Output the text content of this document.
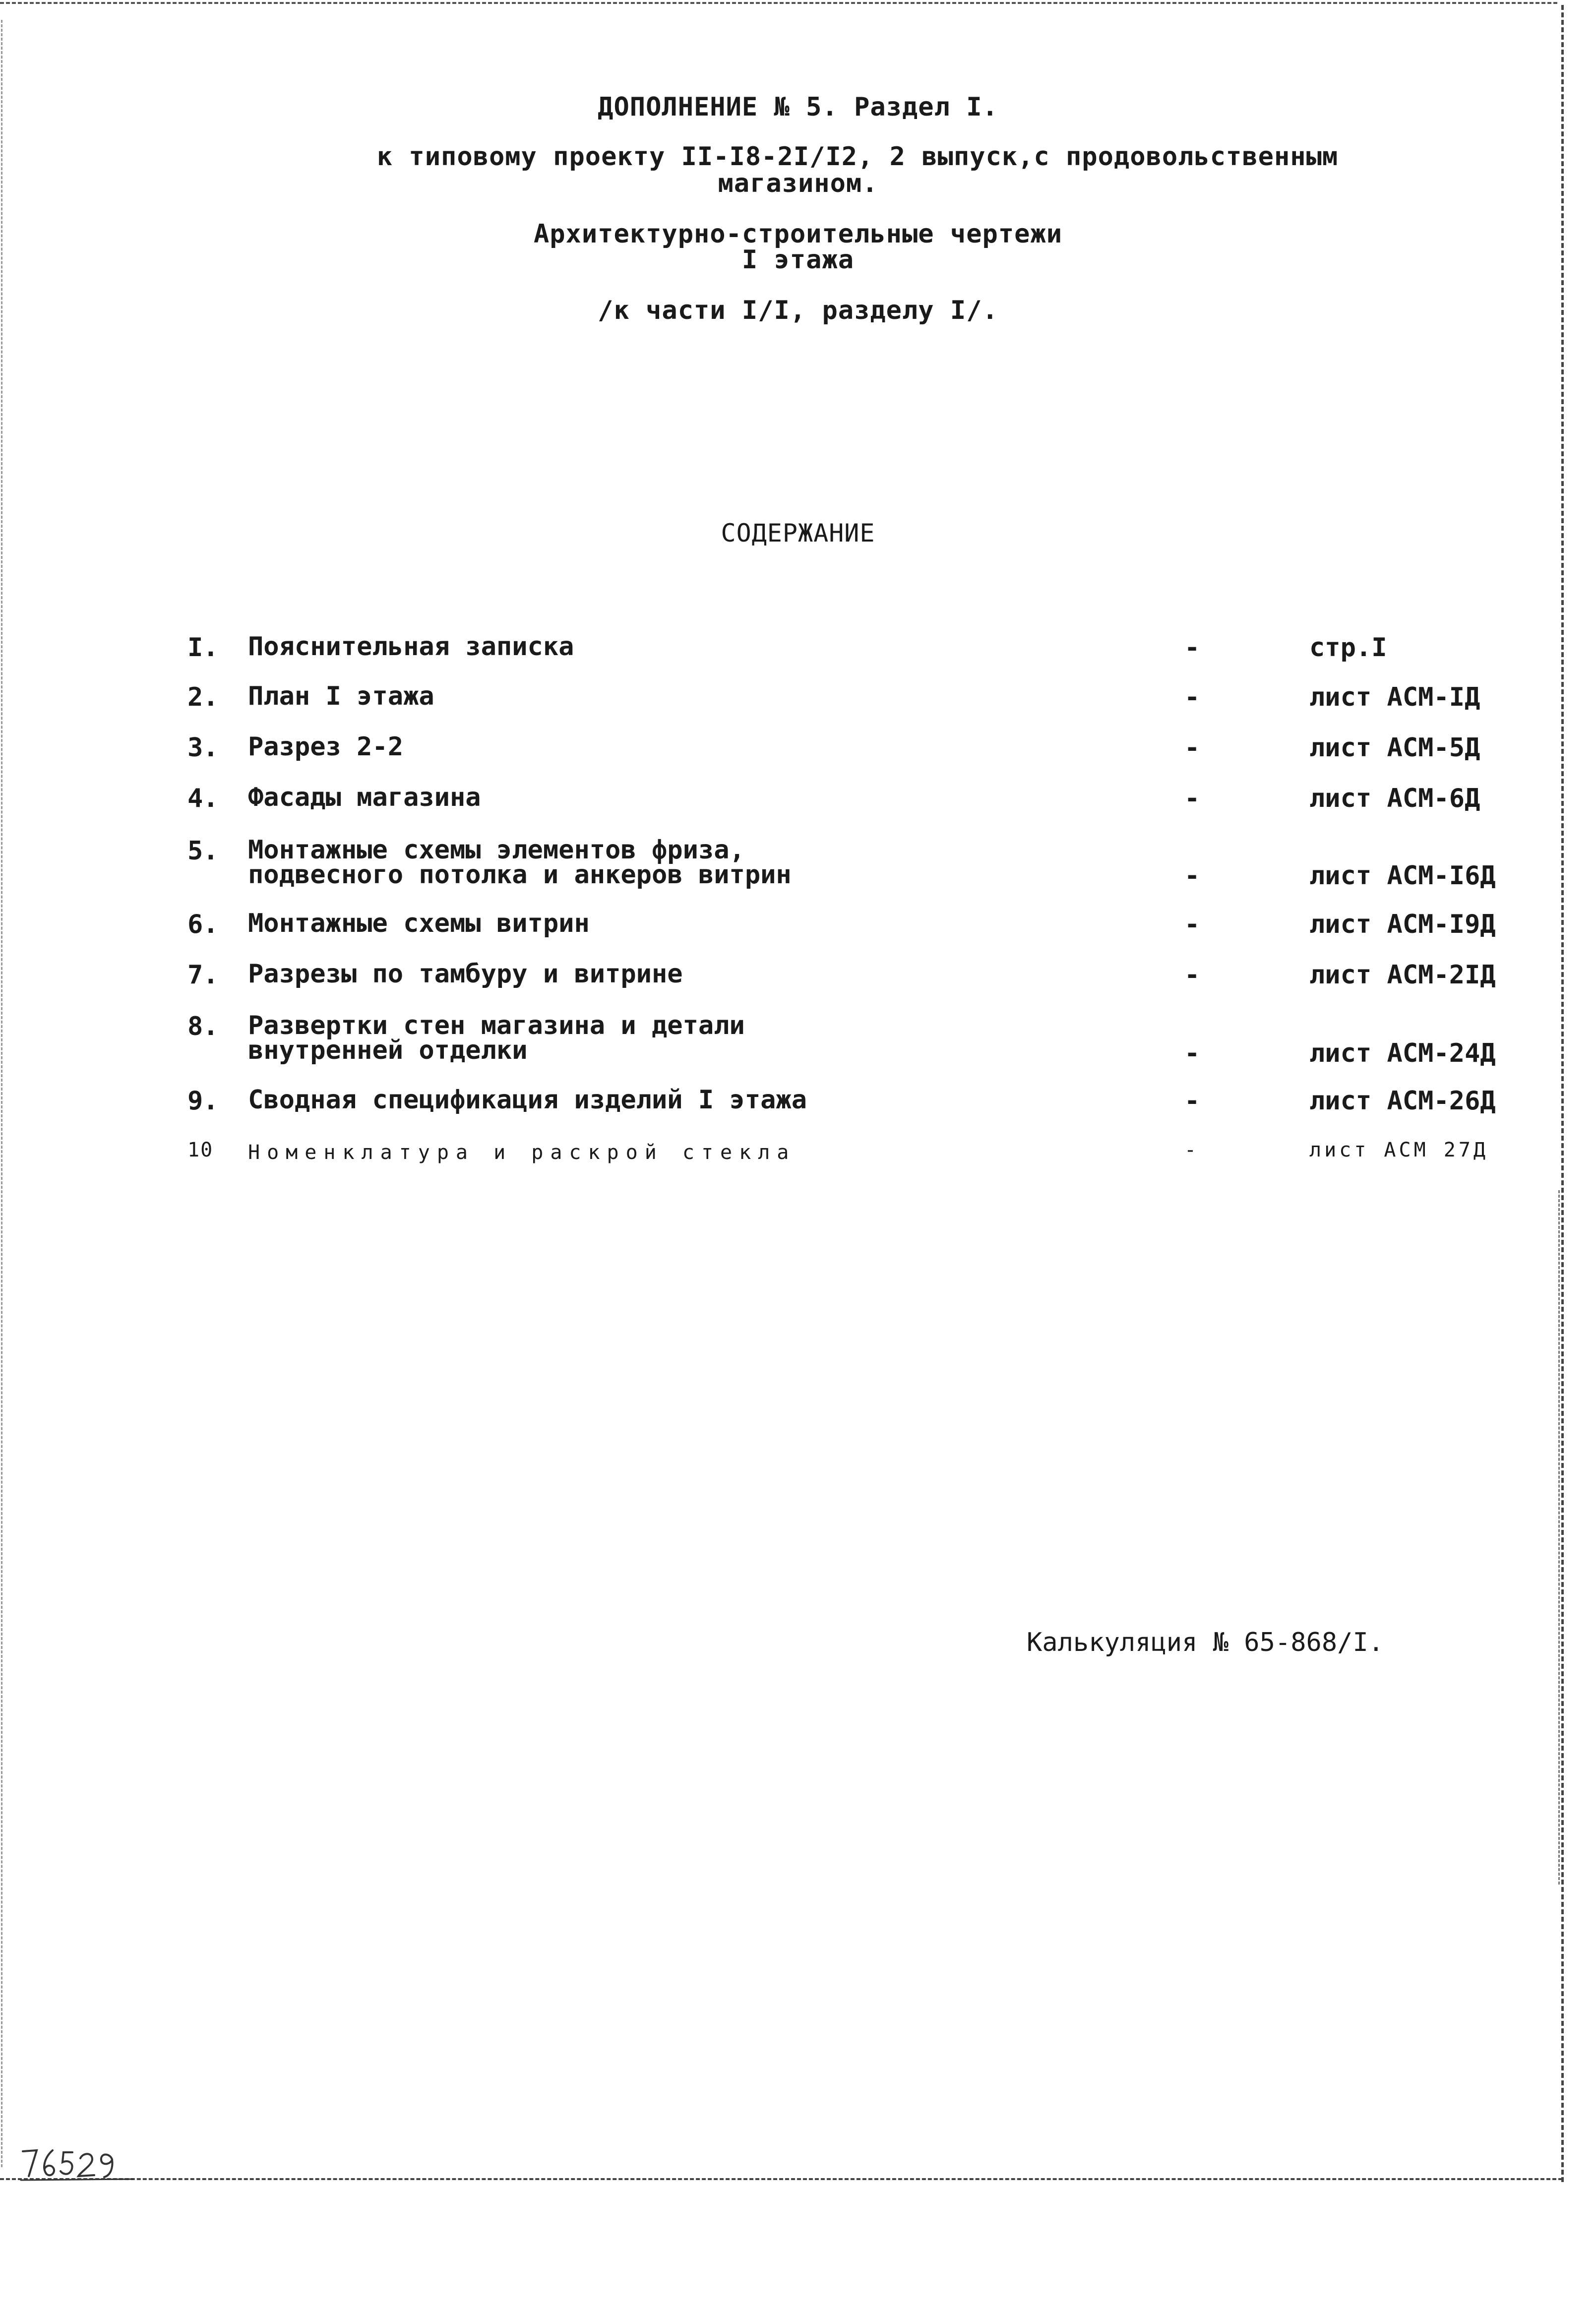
ДОПОЛНЕНИЕ № 5. Раздел I.
к типовому проекту II-I8-2I/I2, 2 выпуск,с продовольственным
магазином.
Архитектурно-строительные чертежи
I этажа
/к части I/I, разделу I/.
СОДЕРЖАНИЕ
I. Пояснительная записка	-	стр.I
2. План I этажа	-	лист АСМ-IД
3. Разрез 2-2	-	лист АСМ-5Д
4. Фасады магазина	-	лист АСМ-6Д
5. Монтажные схемы элементов фриза,
подвесного потолка и анкеров витрин	-	лист АСМ-I6Д
6. Монтажные схемы витрин	-	лист АСМ-I9Д
7. Разрезы по тамбуру и витрине	-	лист АСМ-2IД
8. Развертки стен магазина и детали
внутренней отделки	-	лист АСМ-24Д
9. Сводная спецификация изделий I этажа	-	лист АСМ-26Д
10 Номенклатура и раскрой стекла	-	лист АСМ 27Д
Калькуляция № 65-868/I.
